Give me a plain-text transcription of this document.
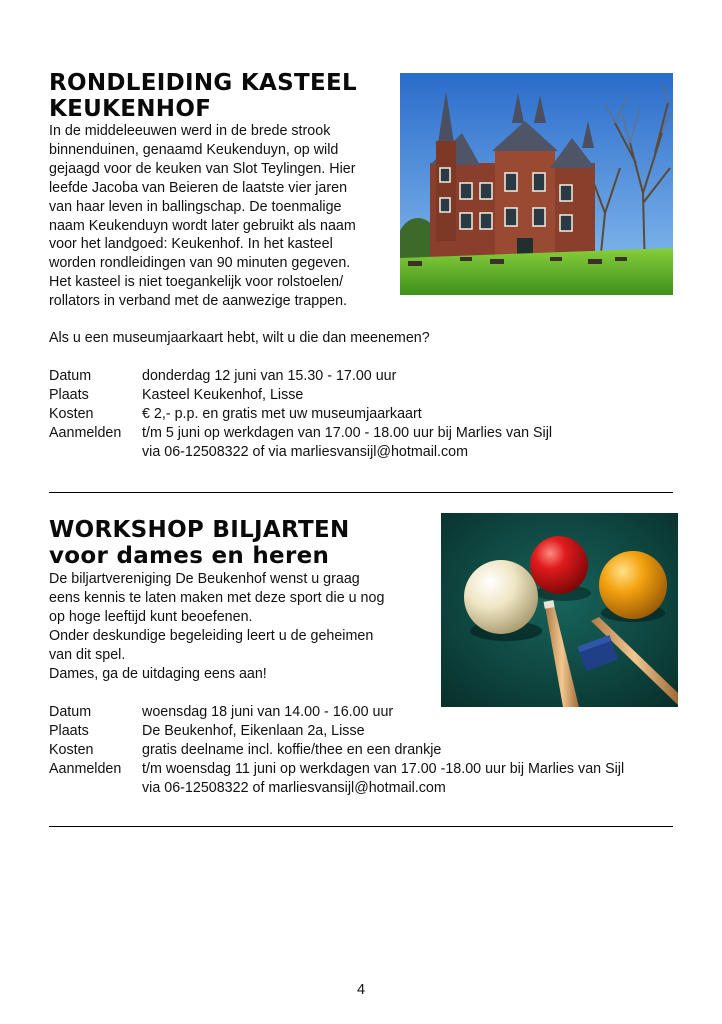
RONDLEIDING KASTEEL
KEUKENHOF

In de middeleeuwen werd in de brede strook
binnenduinen, genaamd Keukenduyn, op wild
gejaagd voor de keuken van Slot Teylingen. Hier
leefde Jacoba van Beieren de laatste vier jaren
van haar leven in ballingschap. De toenmalige
naam Keukenduyn wordt later gebruikt als naam
voor het landgoed: Keukenhof. In het kasteel
worden rondleidingen van 90 minuten gegeven.
Het kasteel is niet toegankelijk voor rolstoelen/
rollators in verband met de aanwezige trappen.

Als u een museumjaarkaart hebt, wilt u die dan meenemen?

Datum	donderdag 12 juni van 15.30 - 17.00 uur
Plaats	Kasteel Keukenhof, Lisse
Kosten	€ 2,- p.p. en gratis met uw museumjaarkaart
Aanmelden	t/m 5 juni op werkdagen van 17.00 - 18.00 uur bij Marlies van Sijl
	via 06-12508322 of via marliesvansijl@hotmail.com
WORKSHOP BILJARTEN
voor dames en heren

De biljartvereniging De Beukenhof wenst u graag
eens kennis te laten maken met deze sport die u nog
op hoge leeftijd kunt beoefenen.
Onder deskundige begeleiding leert u de geheimen
van dit spel.
Dames, ga de uitdaging eens aan!

Datum	woensdag 18 juni van 14.00 - 16.00 uur
Plaats	De Beukenhof, Eikenlaan 2a, Lisse
Kosten	gratis deelname incl. koffie/thee en een drankje
Aanmelden	t/m woensdag 11 juni op werkdagen van 17.00 -18.00 uur bij Marlies van Sijl
	via 06-12508322 of marliesvansijl@hotmail.com
4
